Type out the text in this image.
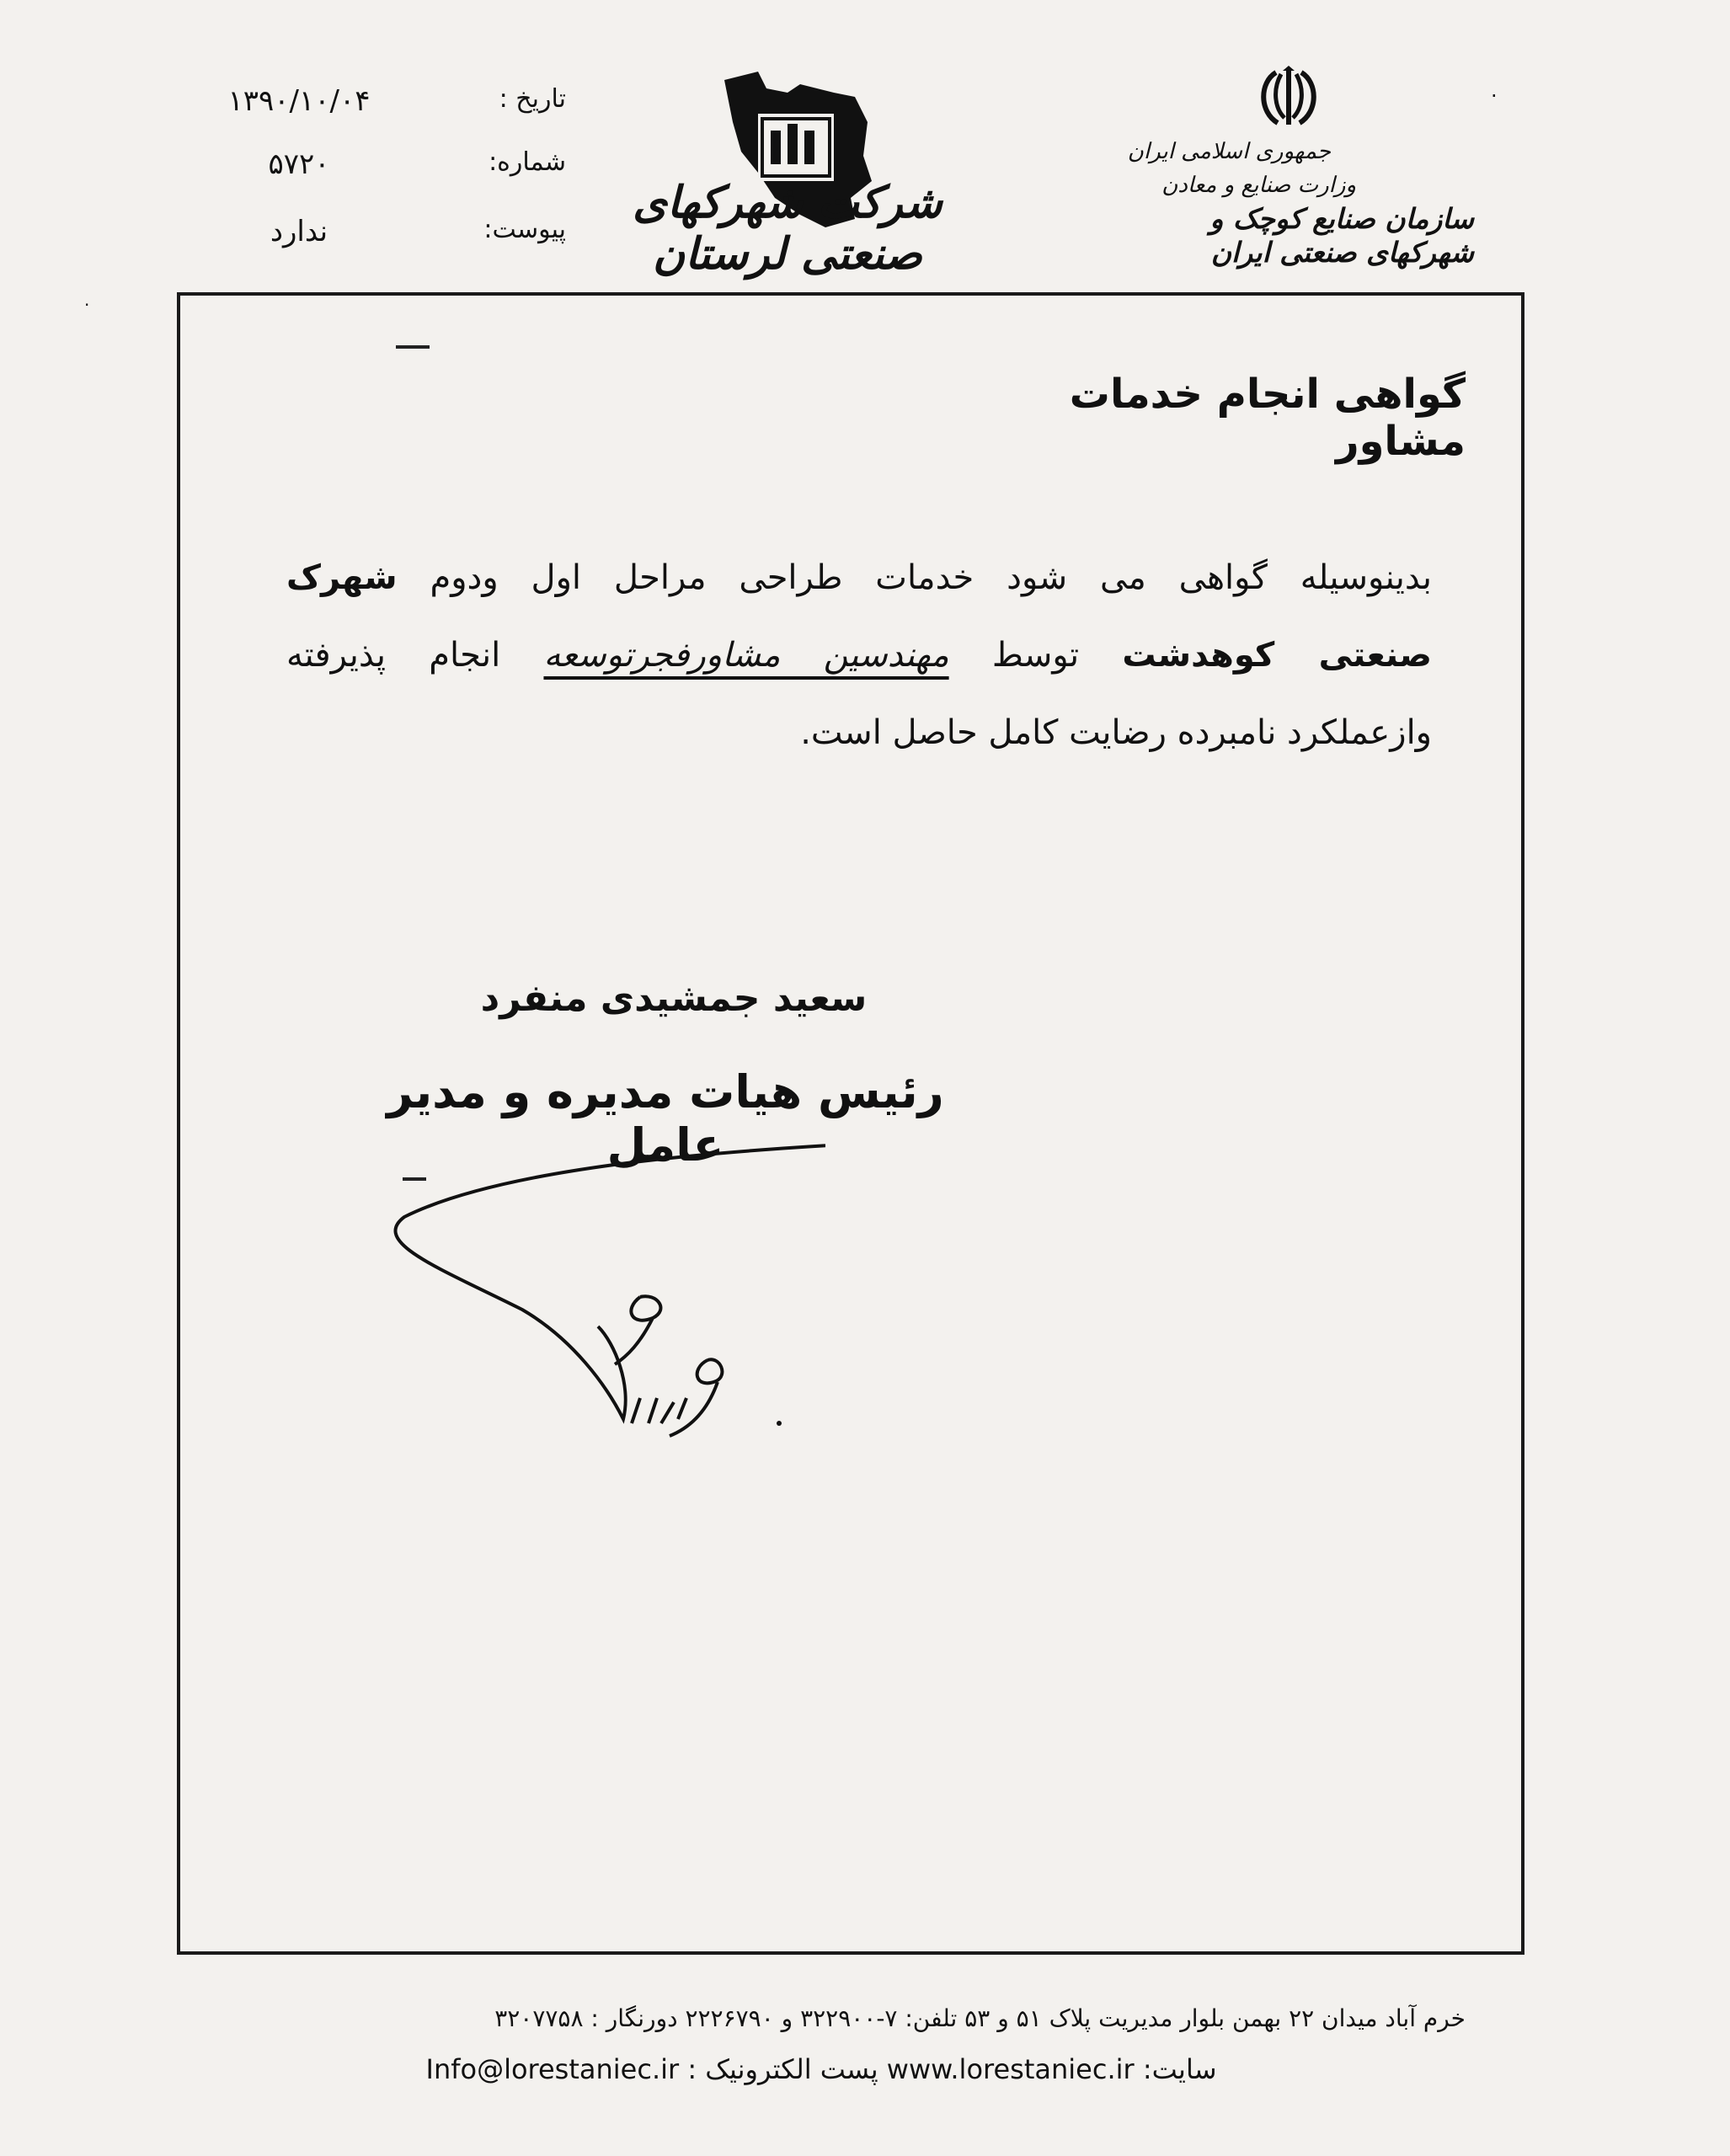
تاریخ :
۱۳۹۰/۱۰/۰۴
شماره:
۵۷۲۰
پیوست:
ندارد
شرکت شهرکهای صنعتی لرستان
جمهوری اسلامی ایران
وزارت صنایع و معادن
سازمان صنایع کوچک و شهرکهای صنعتی ایران
·
·
گواهی انجام خدمات مشاور
بدینوسیله گواهی می شود خدمات طراحی مراحل اول ودوم شهرک
صنعتی کوهدشت توسط مهندسین مشاورفجرتوسعه انجام پذیرفته
وازعملکرد نامبرده رضایت کامل حاصل است.
سعید جمشیدی منفرد
رئیس هیات مدیره و مدیر عامل
خرم آباد میدان ۲۲ بهمن بلوار مدیریت پلاک ۵۱ و ۵۳ تلفن: ۷-۳۲۲۹۰۰ و ۲۲۲۶۷۹۰ دورنگار : ۳۲۰۷۷۵۸
سایت: www.lorestaniec.ir پست الکترونیک : Info@lorestaniec.ir
